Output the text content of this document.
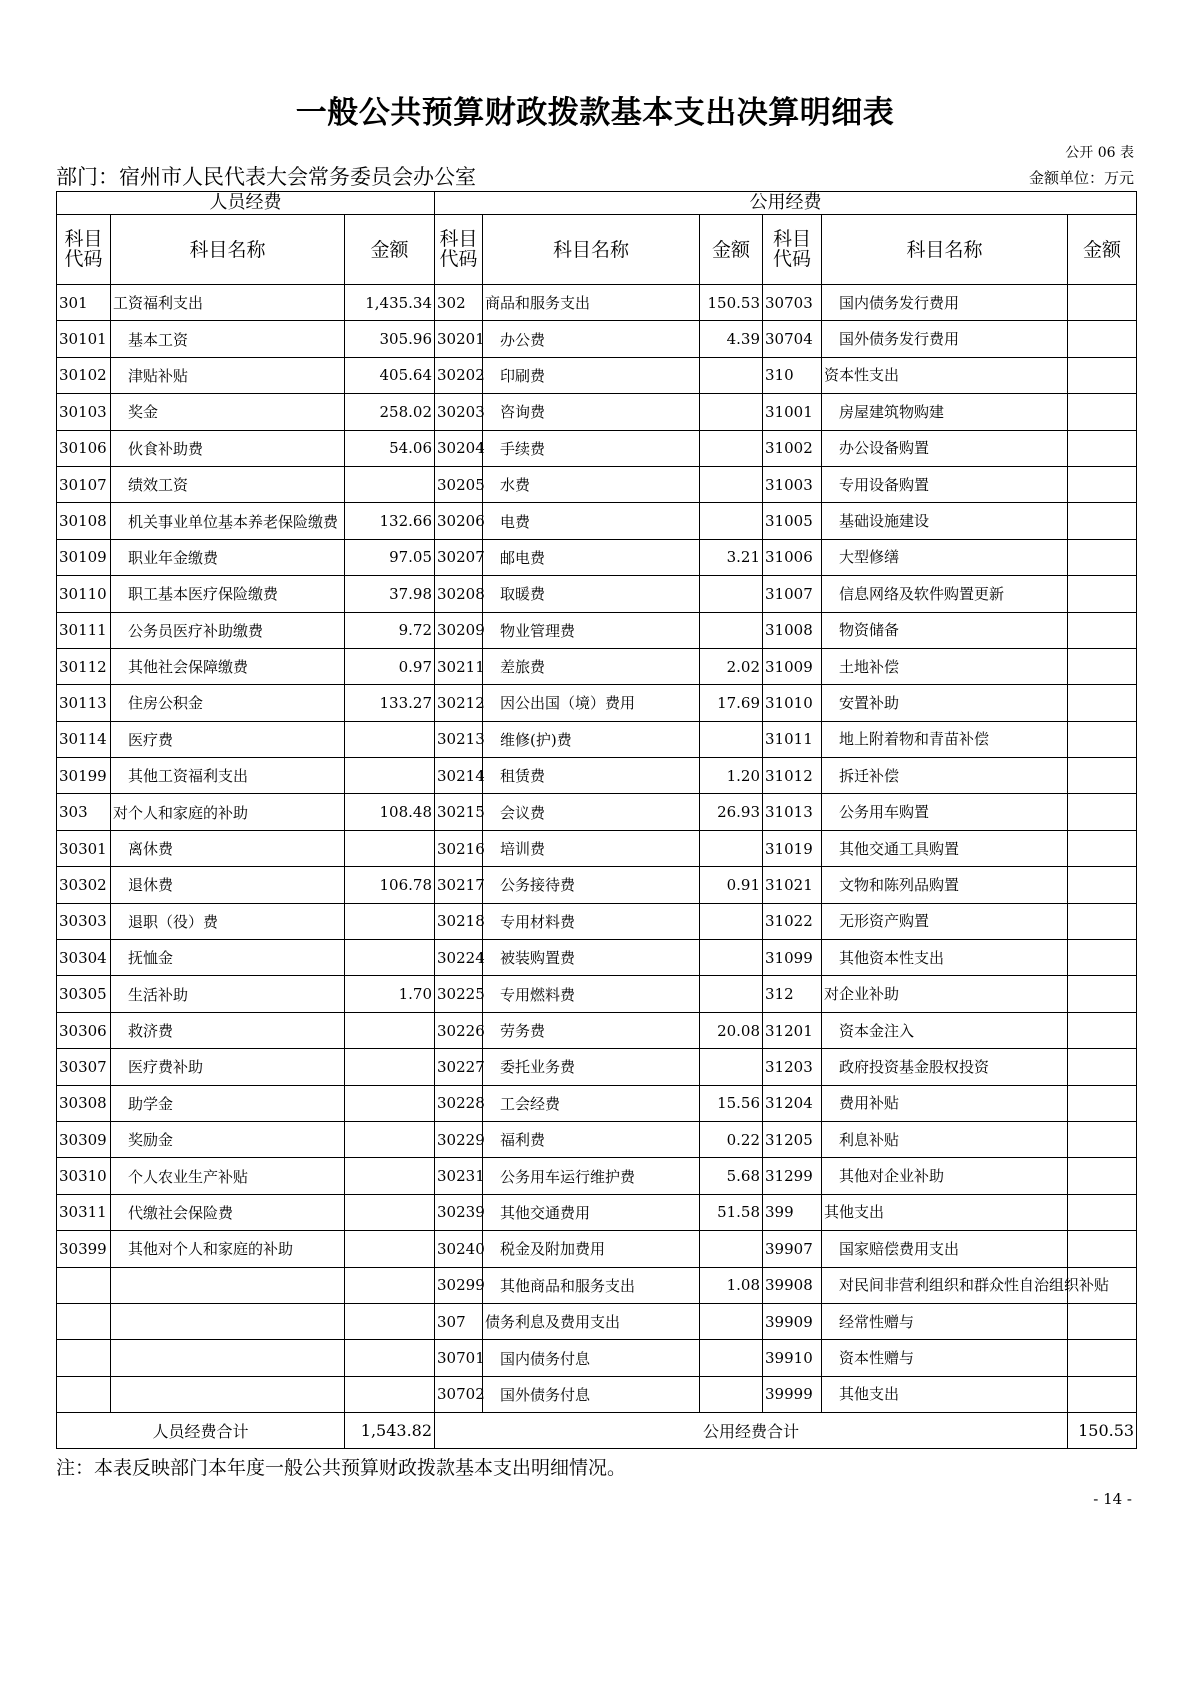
一般公共预算财政拨款基本支出决算明细表
公开 06 表
部门：宿州市人民代表大会常务委员会办公室	金额单位：万元
人员经费			公用经费					
科目代码	科目名称	金额	科目代码	科目名称	金额	科目代码	科目名称	金额
301	工资福利支出	1,435.34	302	商品和服务支出	150.53	30703	国内债务发行费用	
30101	基本工资	305.96	30201	办公费	4.39	30704	国外债务发行费用	
30102	津贴补贴	405.64	30202	印刷费		310	资本性支出	
30103	奖金	258.02	30203	咨询费		31001	房屋建筑物购建	
30106	伙食补助费	54.06	30204	手续费		31002	办公设备购置	
30107	绩效工资		30205	水费		31003	专用设备购置	
30108	机关事业单位基本养老保险缴费	132.66	30206	电费		31005	基础设施建设	
30109	职业年金缴费	97.05	30207	邮电费	3.21	31006	大型修缮	
30110	职工基本医疗保险缴费	37.98	30208	取暖费		31007	信息网络及软件购置更新	
30111	公务员医疗补助缴费	9.72	30209	物业管理费		31008	物资储备	
30112	其他社会保障缴费	0.97	30211	差旅费	2.02	31009	土地补偿	
30113	住房公积金	133.27	30212	因公出国（境）费用	17.69	31010	安置补助	
30114	医疗费		30213	维修(护)费		31011	地上附着物和青苗补偿	
30199	其他工资福利支出		30214	租赁费	1.20	31012	拆迁补偿	
303	对个人和家庭的补助	108.48	30215	会议费	26.93	31013	公务用车购置	
30301	离休费		30216	培训费		31019	其他交通工具购置	
30302	退休费	106.78	30217	公务接待费	0.91	31021	文物和陈列品购置	
30303	退职（役）费		30218	专用材料费		31022	无形资产购置	
30304	抚恤金		30224	被装购置费		31099	其他资本性支出	
30305	生活补助	1.70	30225	专用燃料费		312	对企业补助	
30306	救济费		30226	劳务费	20.08	31201	资本金注入	
30307	医疗费补助		30227	委托业务费		31203	政府投资基金股权投资	
30308	助学金		30228	工会经费	15.56	31204	费用补贴	
30309	奖励金		30229	福利费	0.22	31205	利息补贴	
30310	个人农业生产补贴		30231	公务用车运行维护费	5.68	31299	其他对企业补助	
30311	代缴社会保险费		30239	其他交通费用	51.58	399	其他支出	
30399	其他对个人和家庭的补助		30240	税金及附加费用		39907	国家赔偿费用支出	
			30299	其他商品和服务支出	1.08	39908	对民间非营利组织和群众性自治组织补贴	
			307	债务利息及费用支出		39909	经常性赠与	
			30701	国内债务付息		39910	资本性赠与	
			30702	国外债务付息		39999	其他支出	
人员经费合计		1,543.82	公用经费合计					150.53
注：本表反映部门本年度一般公共预算财政拨款基本支出明细情况。
- 14 -
